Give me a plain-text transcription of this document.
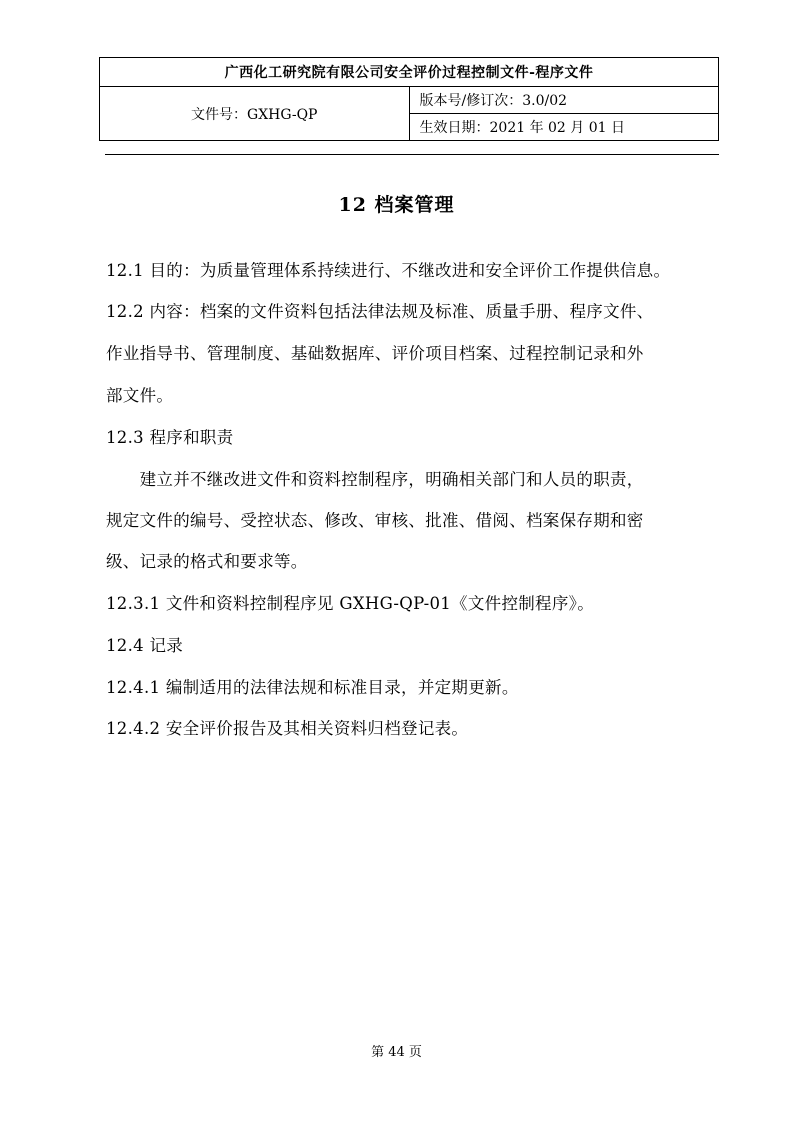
广西化工研究院有限公司安全评价过程控制文件-程序文件
文件号：GXHG-QP	版本号/修订次：3.0/02
生效日期：2021 年 02 月 01 日
12 档案管理
12.1 目的：为质量管理体系持续进行、不继改进和安全评价工作提供信息。
12.2 内容：档案的文件资料包括法律法规及标准、质量手册、程序文件、
作业指导书、管理制度、基础数据库、评价项目档案、过程控制记录和外
部文件。
12.3 程序和职责
　　建立并不继改进文件和资料控制程序，明确相关部门和人员的职责，
规定文件的编号、受控状态、修改、审核、批准、借阅、档案保存期和密
级、记录的格式和要求等。
12.3.1 文件和资料控制程序见 GXHG-QP-01《文件控制程序》。
12.4 记录
12.4.1 编制适用的法律法规和标准目录，并定期更新。
12.4.2 安全评价报告及其相关资料归档登记表。
第 44 页
